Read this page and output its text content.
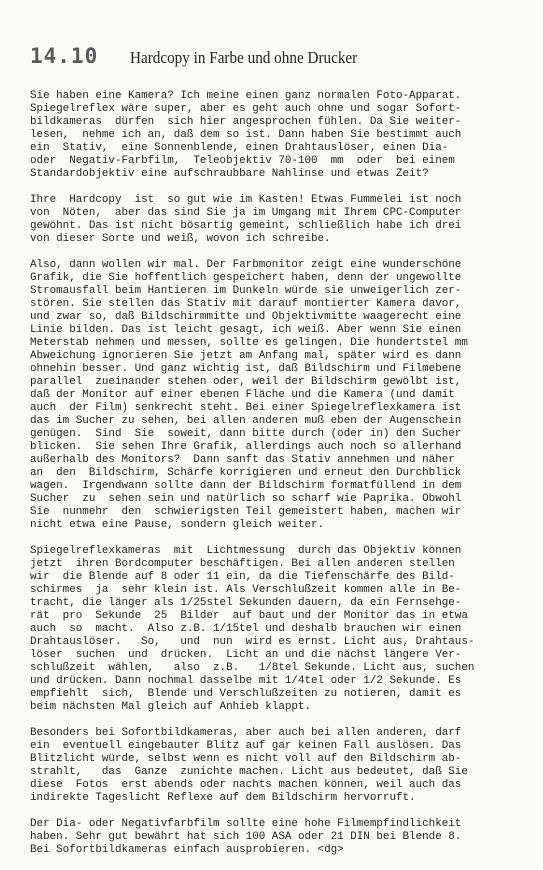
14.10	Hardcopy in Farbe und ohne Drucker
Sie haben eine Kamera? Ich meine einen ganz normalen Foto-Apparat.
Spiegelreflex wäre super, aber es geht auch ohne und sogar Sofort-
bildkameras  dürfen  sich hier angesprochen fühlen. Da Sie weiter-
lesen,  nehme ich an, daß dem so ist. Dann haben Sie bestimmt auch
ein  Stativ,  eine Sonnenblende, einen Drahtauslöser, einen Dia-
oder  Negativ-Farbfilm,  Teleobjektiv 70-100  mm  oder  bei einem
Standardobjektiv eine aufschraubbare Nahlinse und etwas Zeit?
Ihre  Hardcopy  ist  so gut wie im Kasten! Etwas Fummelei ist noch
von  Nöten,  aber das sind Sie ja im Umgang mit Ihrem CPC-Computer
gewöhnt. Das ist nicht bösartig gemeint, schließlich habe ich drei
von dieser Sorte und weiß, wovon ich schreibe.
Also, dann wollen wir mal. Der Farbmonitor zeigt eine wunderschöne
Grafik, die Sie hoffentlich gespeichert haben, denn der ungewollte
Stromausfall beim Hantieren im Dunkeln würde sie unweigerlich zer-
stören. Sie stellen das Stativ mit darauf montierter Kamera davor,
und zwar so, daß Bildschirmmitte und Objektivmitte waagerecht eine
Linie bilden. Das ist leicht gesagt, ich weiß. Aber wenn Sie einen
Meterstab nehmen und messen, sollte es gelingen. Die hundertstel mm
Abweichung ignorieren Sie jetzt am Anfang mal, später wird es dann
ohnehin besser. Und ganz wichtig ist, daß Bildschirm und Filmebene
parallel  zueinander stehen oder, weil der Bildschirm gewölbt ist,
daß der Monitor auf einer ebenen Fläche und die Kamera (und damit
auch  der Film) senkrecht steht. Bei einer Spiegelreflexkamera ist
das im Sucher zu sehen, bei allen anderen muß eben der Augenschein
genügen.  Sind  Sie  soweit, dann bitte durch (oder in) den Sucher
blicken.  Sie sehen Ihre Grafik, allerdings auch noch so allerhand
außerhalb des Monitors?  Dann sanft das Stativ annehmen und näher
an  den  Bildschirm, Schärfe korrigieren und erneut den Durchblick
wagen.  Irgendwann sollte dann der Bildschirm formatfüllend in dem
Sucher  zu  sehen sein und natürlich so scharf wie Paprika. Obwohl
Sie  nunmehr  den  schwierigsten Teil gemeistert haben, machen wir
nicht etwa eine Pause, sondern gleich weiter.
Spiegelreflexkameras  mit  Lichtmessung  durch das Objektiv können
jetzt  ihren Bordcomputer beschäftigen. Bei allen anderen stellen
wir  die Blende auf 8 oder 11 ein, da die Tiefenschärfe des Bild-
schirmes  ja  sehr klein ist. Als Verschlußzeit kommen alle in Be-
tracht, die länger als 1/25stel Sekunden dauern, da ein Fernsehge-
rät  pro  Sekunde  25  Bilder  auf baut und der Monitor das in etwa
auch  so  macht.  Also z.B. 1/15tel und deshalb brauchen wir einen
Drahtauslöser.   So,   und  nun  wird es ernst. Licht aus, Drahtaus-
löser  suchen  und  drücken.  Licht an und die nächst längere Ver-
schlußzeit  wählen,   also  z.B.   1/8tel Sekunde. Licht aus, suchen
und drücken. Dann nochmal dasselbe mit 1/4tel oder 1/2 Sekunde. Es
empfiehlt  sich,  Blende und Verschlußzeiten zu notieren, damit es
beim nächsten Mal gleich auf Anhieb klappt.
Besonders bei Sofortbildkameras, aber auch bei allen anderen, darf
ein  eventuell eingebauter Blitz auf gar keinen Fall auslösen. Das
Blitzlicht würde, selbst wenn es nicht voll auf den Bildschirm ab-
strahlt,   das  Ganze  zunichte machen. Licht aus bedeutet, daß Sie
diese  Fotos  erst abends oder nachts machen können, weil auch das
indirekte Tageslicht Reflexe auf dem Bildschirm hervorruft.
Der Dia- oder Negativfarbfilm sollte eine hohe Filmempfindlichkeit
haben. Sehr gut bewährt hat sich 100 ASA oder 21 DIN bei Blende 8.
Bei Sofortbildkameras einfach ausprobieren. <dg>
